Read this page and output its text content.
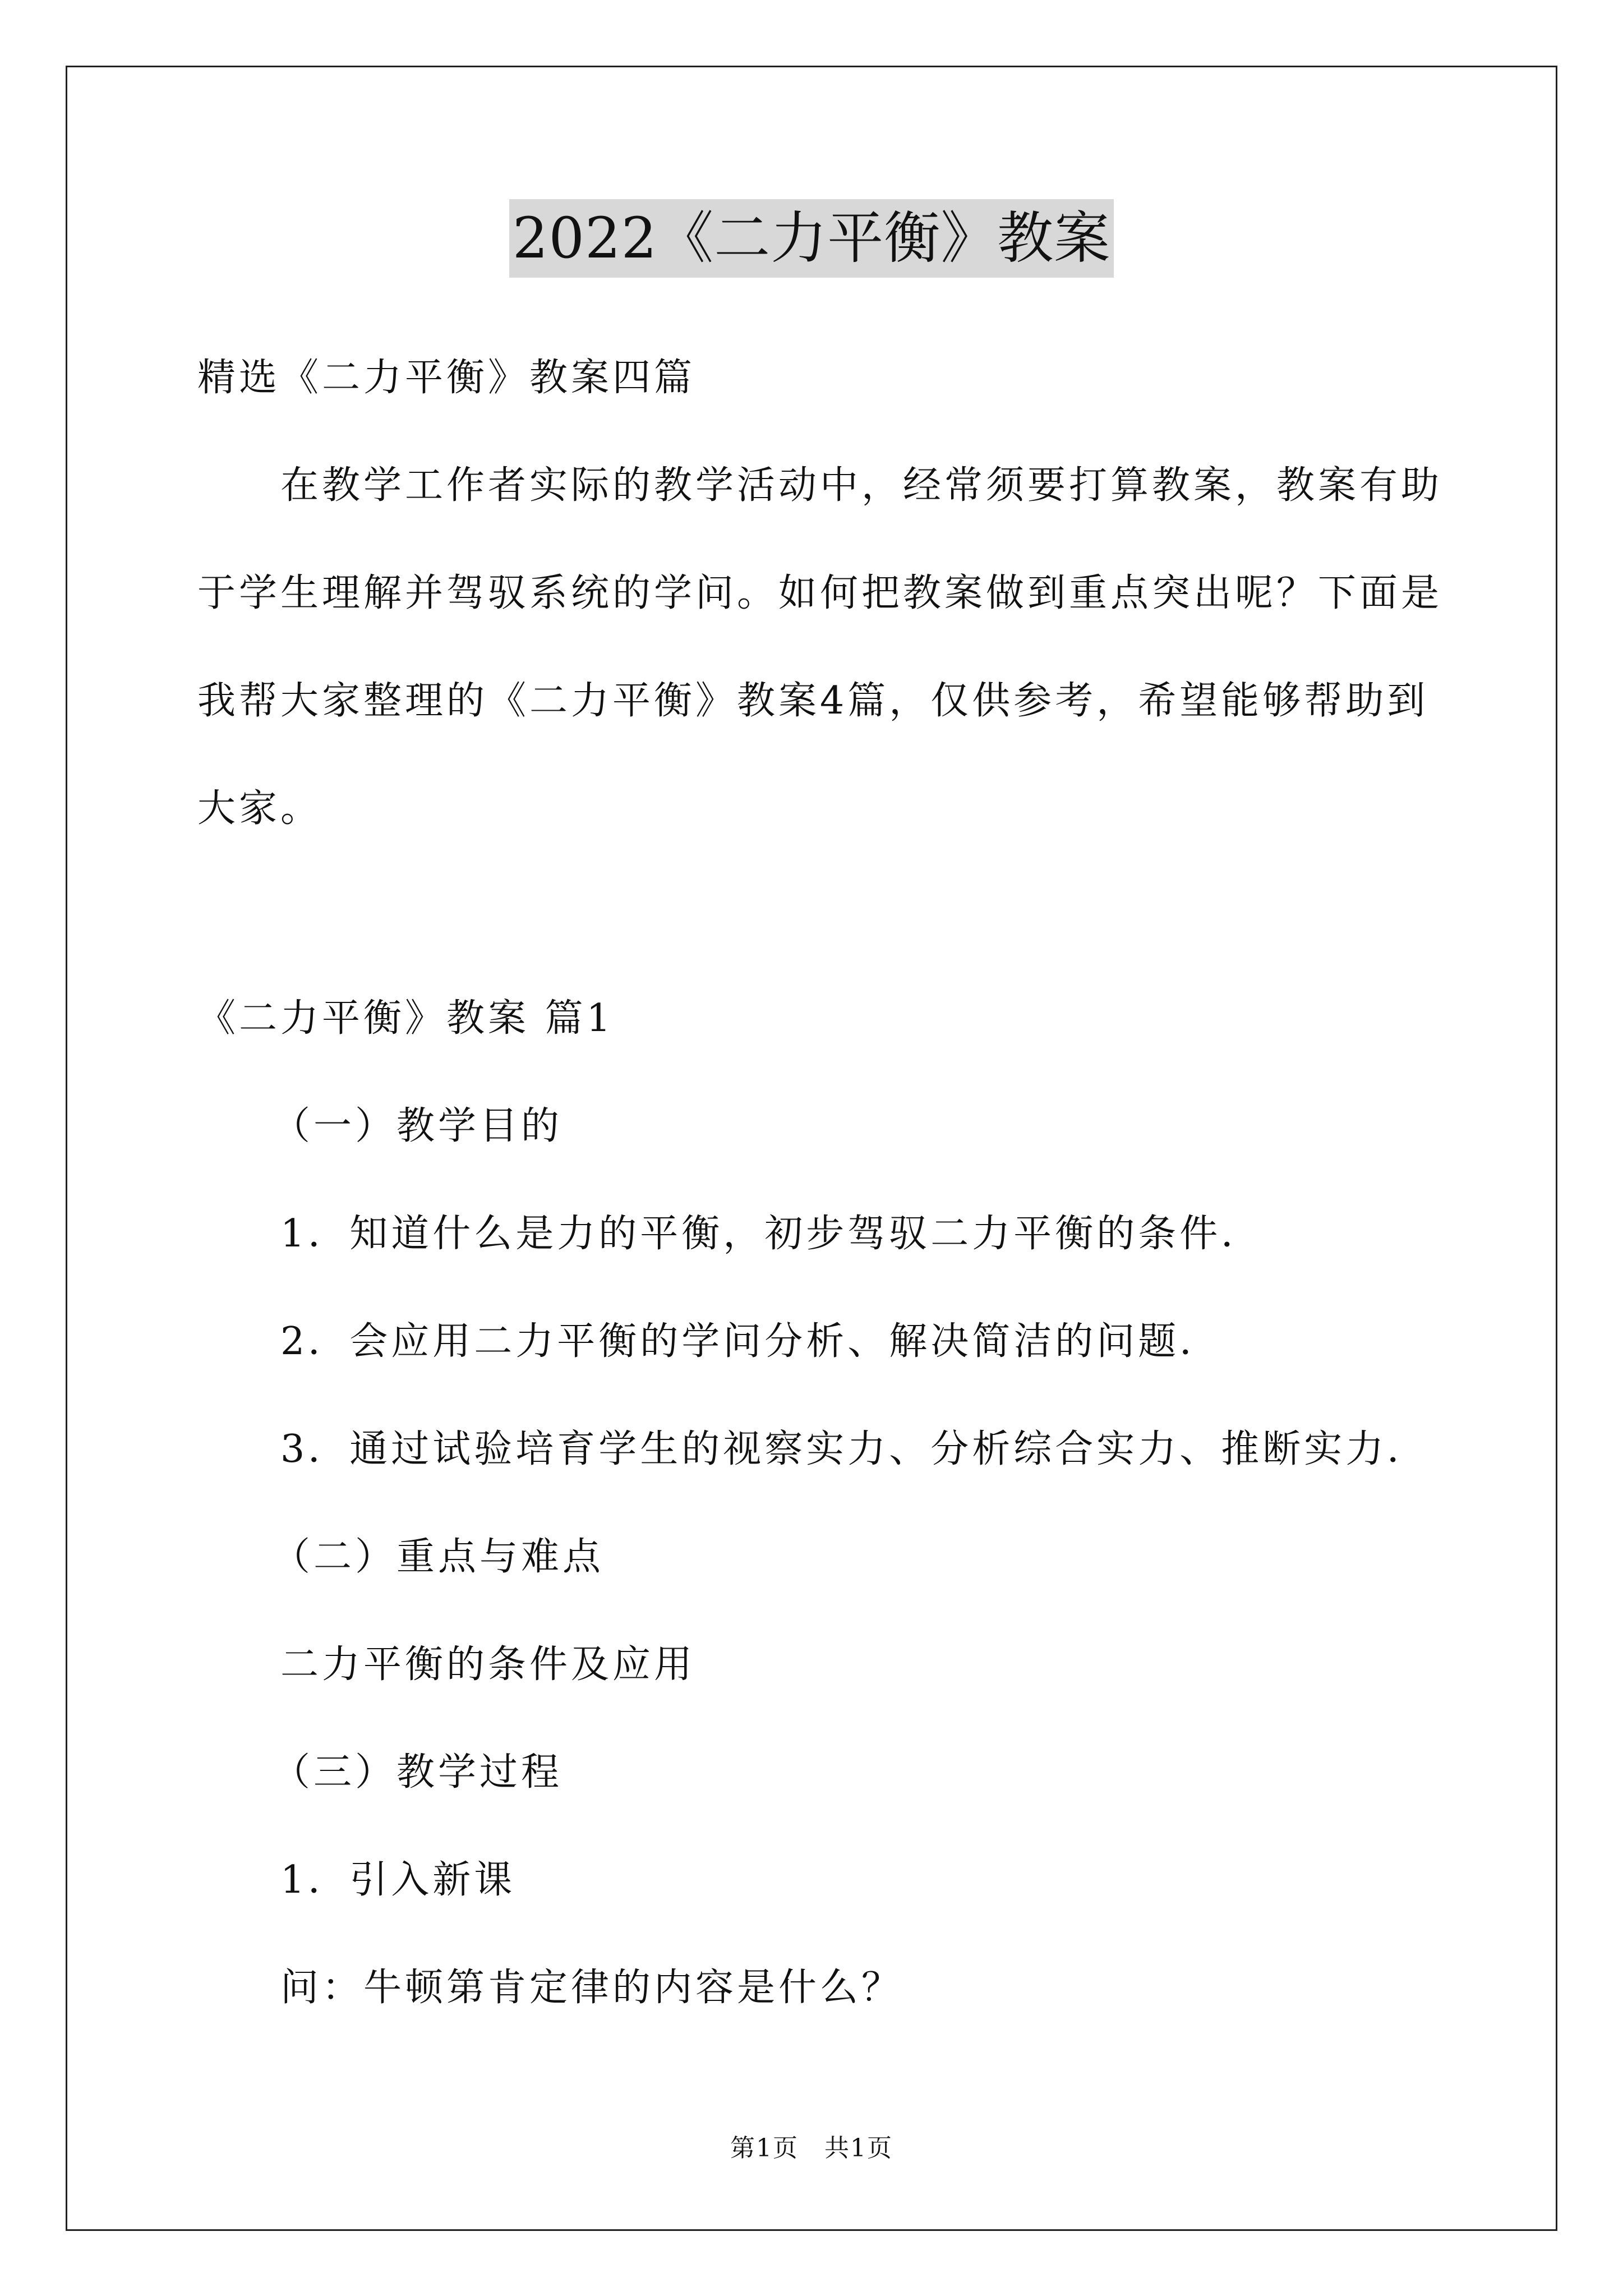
2022《二力平衡》教案
精选《二力平衡》教案四篇
在教学工作者实际的教学活动中，经常须要打算教案，教案有助
于学生理解并驾驭系统的学问。如何把教案做到重点突出呢？下面是
我帮大家整理的《二力平衡》教案4篇，仅供参考，希望能够帮助到
大家。
《二力平衡》教案 篇1
（一）教学目的
1．知道什么是力的平衡，初步驾驭二力平衡的条件．
2．会应用二力平衡的学问分析、解决简洁的问题．
3．通过试验培育学生的视察实力、分析综合实力、推断实力．
（二）重点与难点
二力平衡的条件及应用
（三）教学过程
1．引入新课
问：牛顿第肯定律的内容是什么？
第1页　共1页
